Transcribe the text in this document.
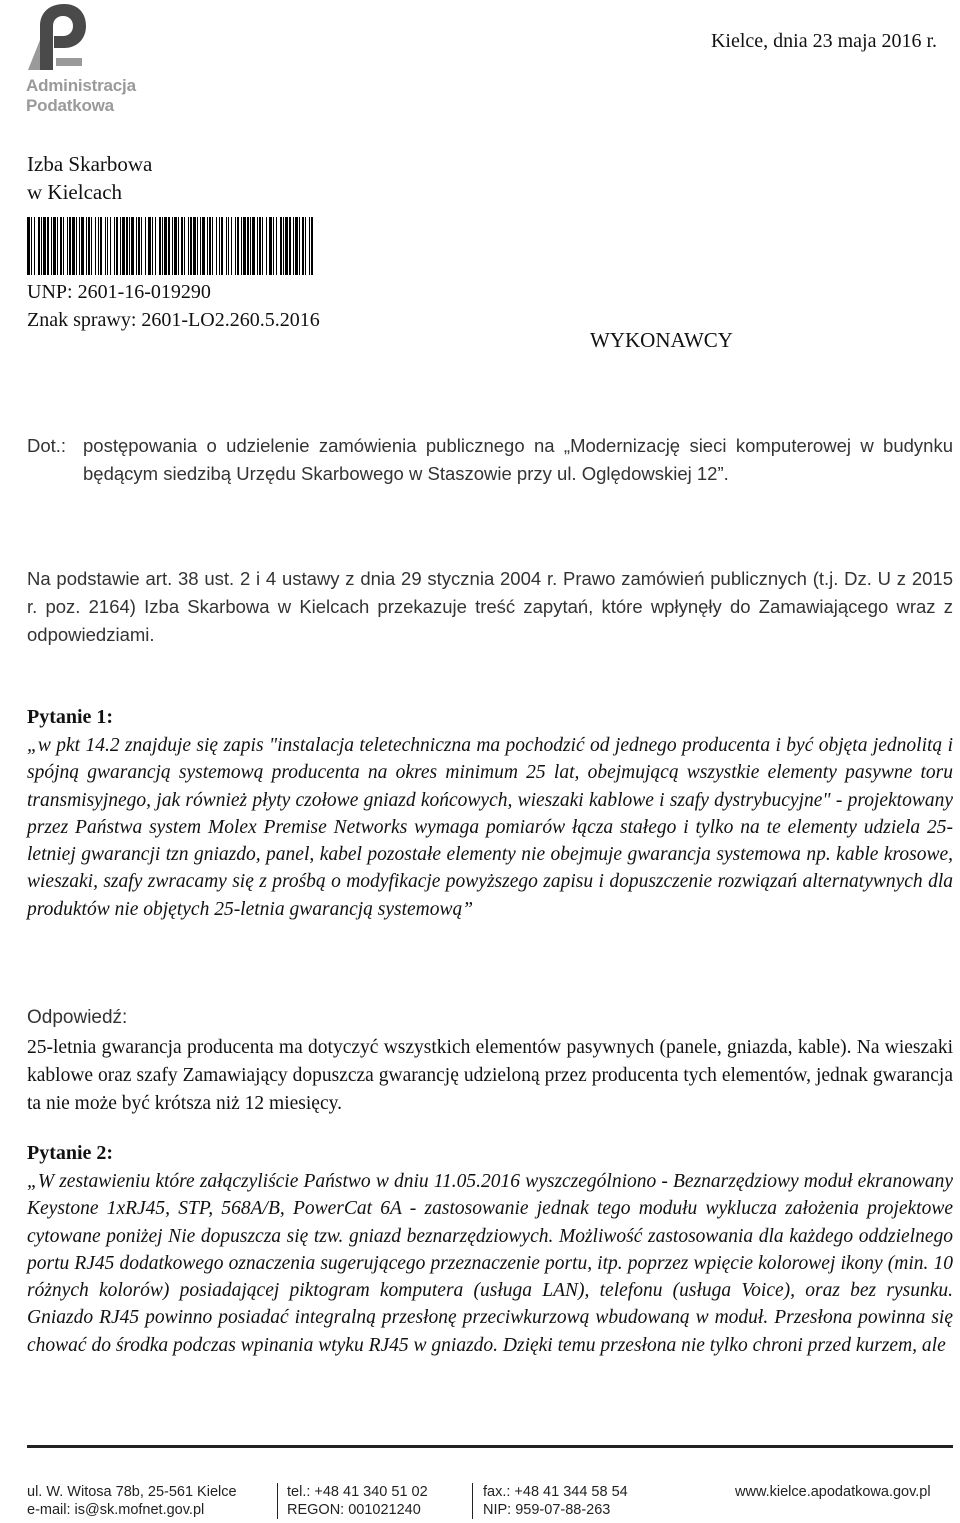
Administracja
Podatkowa
Kielce, dnia 23 maja 2016 r.
Izba Skarbowa
w Kielcach
UNP: 2601-16-019290
Znak sprawy: 2601-LO2.260.5.2016
WYKONAWCY
Dot.: postępowania o udzielenie zamówienia publicznego na „Modernizację sieci komputerowej w budynku będącym siedzibą Urzędu Skarbowego w Staszowie przy ul. Oględowskiej 12”.
Na podstawie art. 38 ust. 2 i 4 ustawy z dnia 29 stycznia 2004 r. Prawo zamówień publicznych (t.j. Dz. U z 2015 r. poz. 2164) Izba Skarbowa w Kielcach przekazuje treść zapytań, które wpłynęły do Zamawiającego wraz z odpowiedziami.
Pytanie 1:
„w pkt 14.2 znajduje się zapis "instalacja teletechniczna ma pochodzić od jednego producenta i być objęta jednolitą i spójną gwarancją systemową producenta na okres minimum 25 lat, obejmującą wszystkie elementy pasywne toru transmisyjnego, jak również płyty czołowe gniazd końcowych, wieszaki kablowe i szafy dystrybucyjne" - projektowany przez Państwa system Molex Premise Networks wymaga pomiarów łącza stałego i tylko na te elementy udziela 25-letniej gwarancji tzn gniazdo, panel, kabel pozostałe elementy nie obejmuje gwarancja systemowa np. kable krosowe, wieszaki, szafy zwracamy się z prośbą o modyfikacje powyższego zapisu i dopuszczenie rozwiązań alternatywnych dla produktów nie objętych 25-letnia gwarancją systemową”
Odpowiedź:
25-letnia gwarancja producenta ma dotyczyć wszystkich elementów pasywnych (panele, gniazda, kable). Na wieszaki kablowe oraz szafy Zamawiający dopuszcza gwarancję udzieloną przez producenta tych elementów, jednak gwarancja ta nie może być krótsza niż 12 miesięcy.
Pytanie 2:
„W zestawieniu które załączyliście Państwo w dniu 11.05.2016 wyszczególniono - Beznarzędziowy moduł ekranowany Keystone 1xRJ45, STP, 568A/B, PowerCat 6A - zastosowanie jednak tego modułu wyklucza założenia projektowe cytowane poniżej Nie dopuszcza się tzw. gniazd beznarzędziowych. Możliwość zastosowania dla każdego oddzielnego portu RJ45 dodatkowego oznaczenia sugerującego przeznaczenie portu, itp. poprzez wpięcie kolorowej ikony (min. 10 różnych kolorów) posiadającej piktogram komputera (usługa LAN), telefonu (usługa Voice), oraz bez rysunku. Gniazdo RJ45 powinno posiadać integralną przesłonę przeciwkurzową wbudowaną w moduł. Przesłona powinna się chować do środka podczas wpinania wtyku RJ45 w gniazdo. Dzięki temu przesłona nie tylko chroni przed kurzem, ale
ul. W. Witosa 78b, 25-561 Kielce
e-mail: is@sk.mofnet.gov.pl
tel.: +48 41 340 51 02
REGON: 001021240
fax.: +48 41 344 58 54
NIP: 959-07-88-263
www.kielce.apodatkowa.gov.pl
